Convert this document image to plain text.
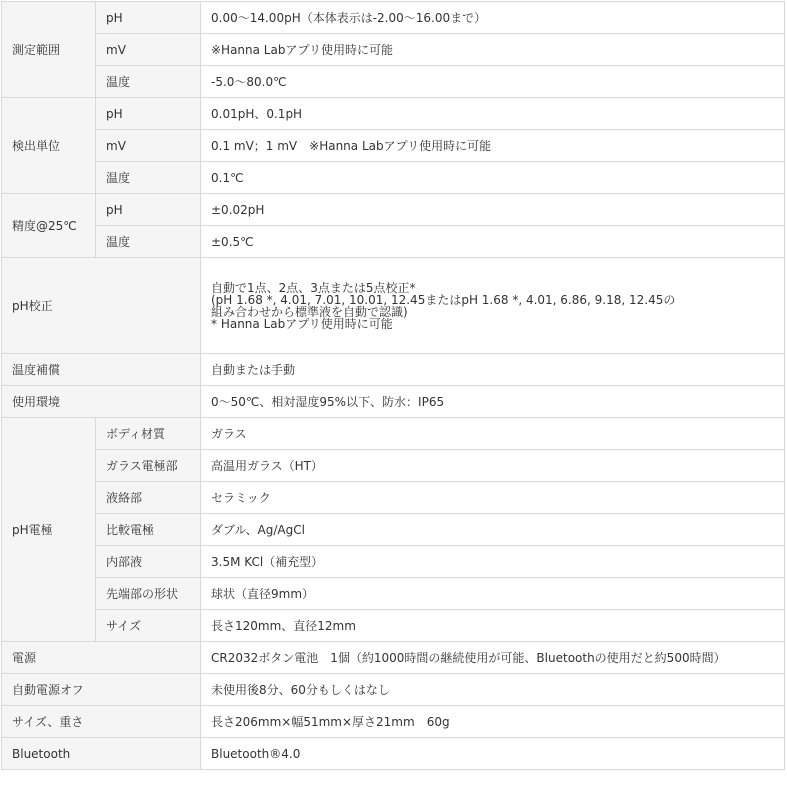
測定範囲	pH	0.00〜14.00pH（本体表示は-2.00〜16.00まで）
	mV	※Hanna Labアプリ使用時に可能
	温度	-5.0〜80.0℃
検出単位	pH	0.01pH、0.1pH
	mV	0.1 mV；1 mV　※Hanna Labアプリ使用時に可能
	温度	0.1℃
精度@25℃	pH	±0.02pH
	温度	±0.5℃
pH校正		自動で1点、2点、3点または5点校正*
(pH 1.68 *, 4.01, 7.01, 10.01, 12.45またはpH 1.68 *, 4.01, 6.86, 9.18, 12.45の
組み合わせから標準液を自動で認識)
* Hanna Labアプリ使用時に可能

温度補償		自動または手動
使用環境		0〜50℃、相対湿度95%以下、防水：IP65
pH電極	ボディ材質	ガラス
	ガラス電極部	高温用ガラス（HT）
	液絡部	セラミック
	比較電極	ダブル、Ag/AgCl
	内部液	3.5M KCl（補充型）
	先端部の形状	球状（直径9mm）
	サイズ	長さ120mm、直径12mm
電源		CR2032ボタン電池　1個（約1000時間の継続使用が可能、Bluetoothの使用だと約500時間）
自動電源オフ		未使用後8分、60分もしくはなし
サイズ、重さ		長さ206mm×幅51mm×厚さ21mm　60g
Bluetooth		Bluetooth®4.0
